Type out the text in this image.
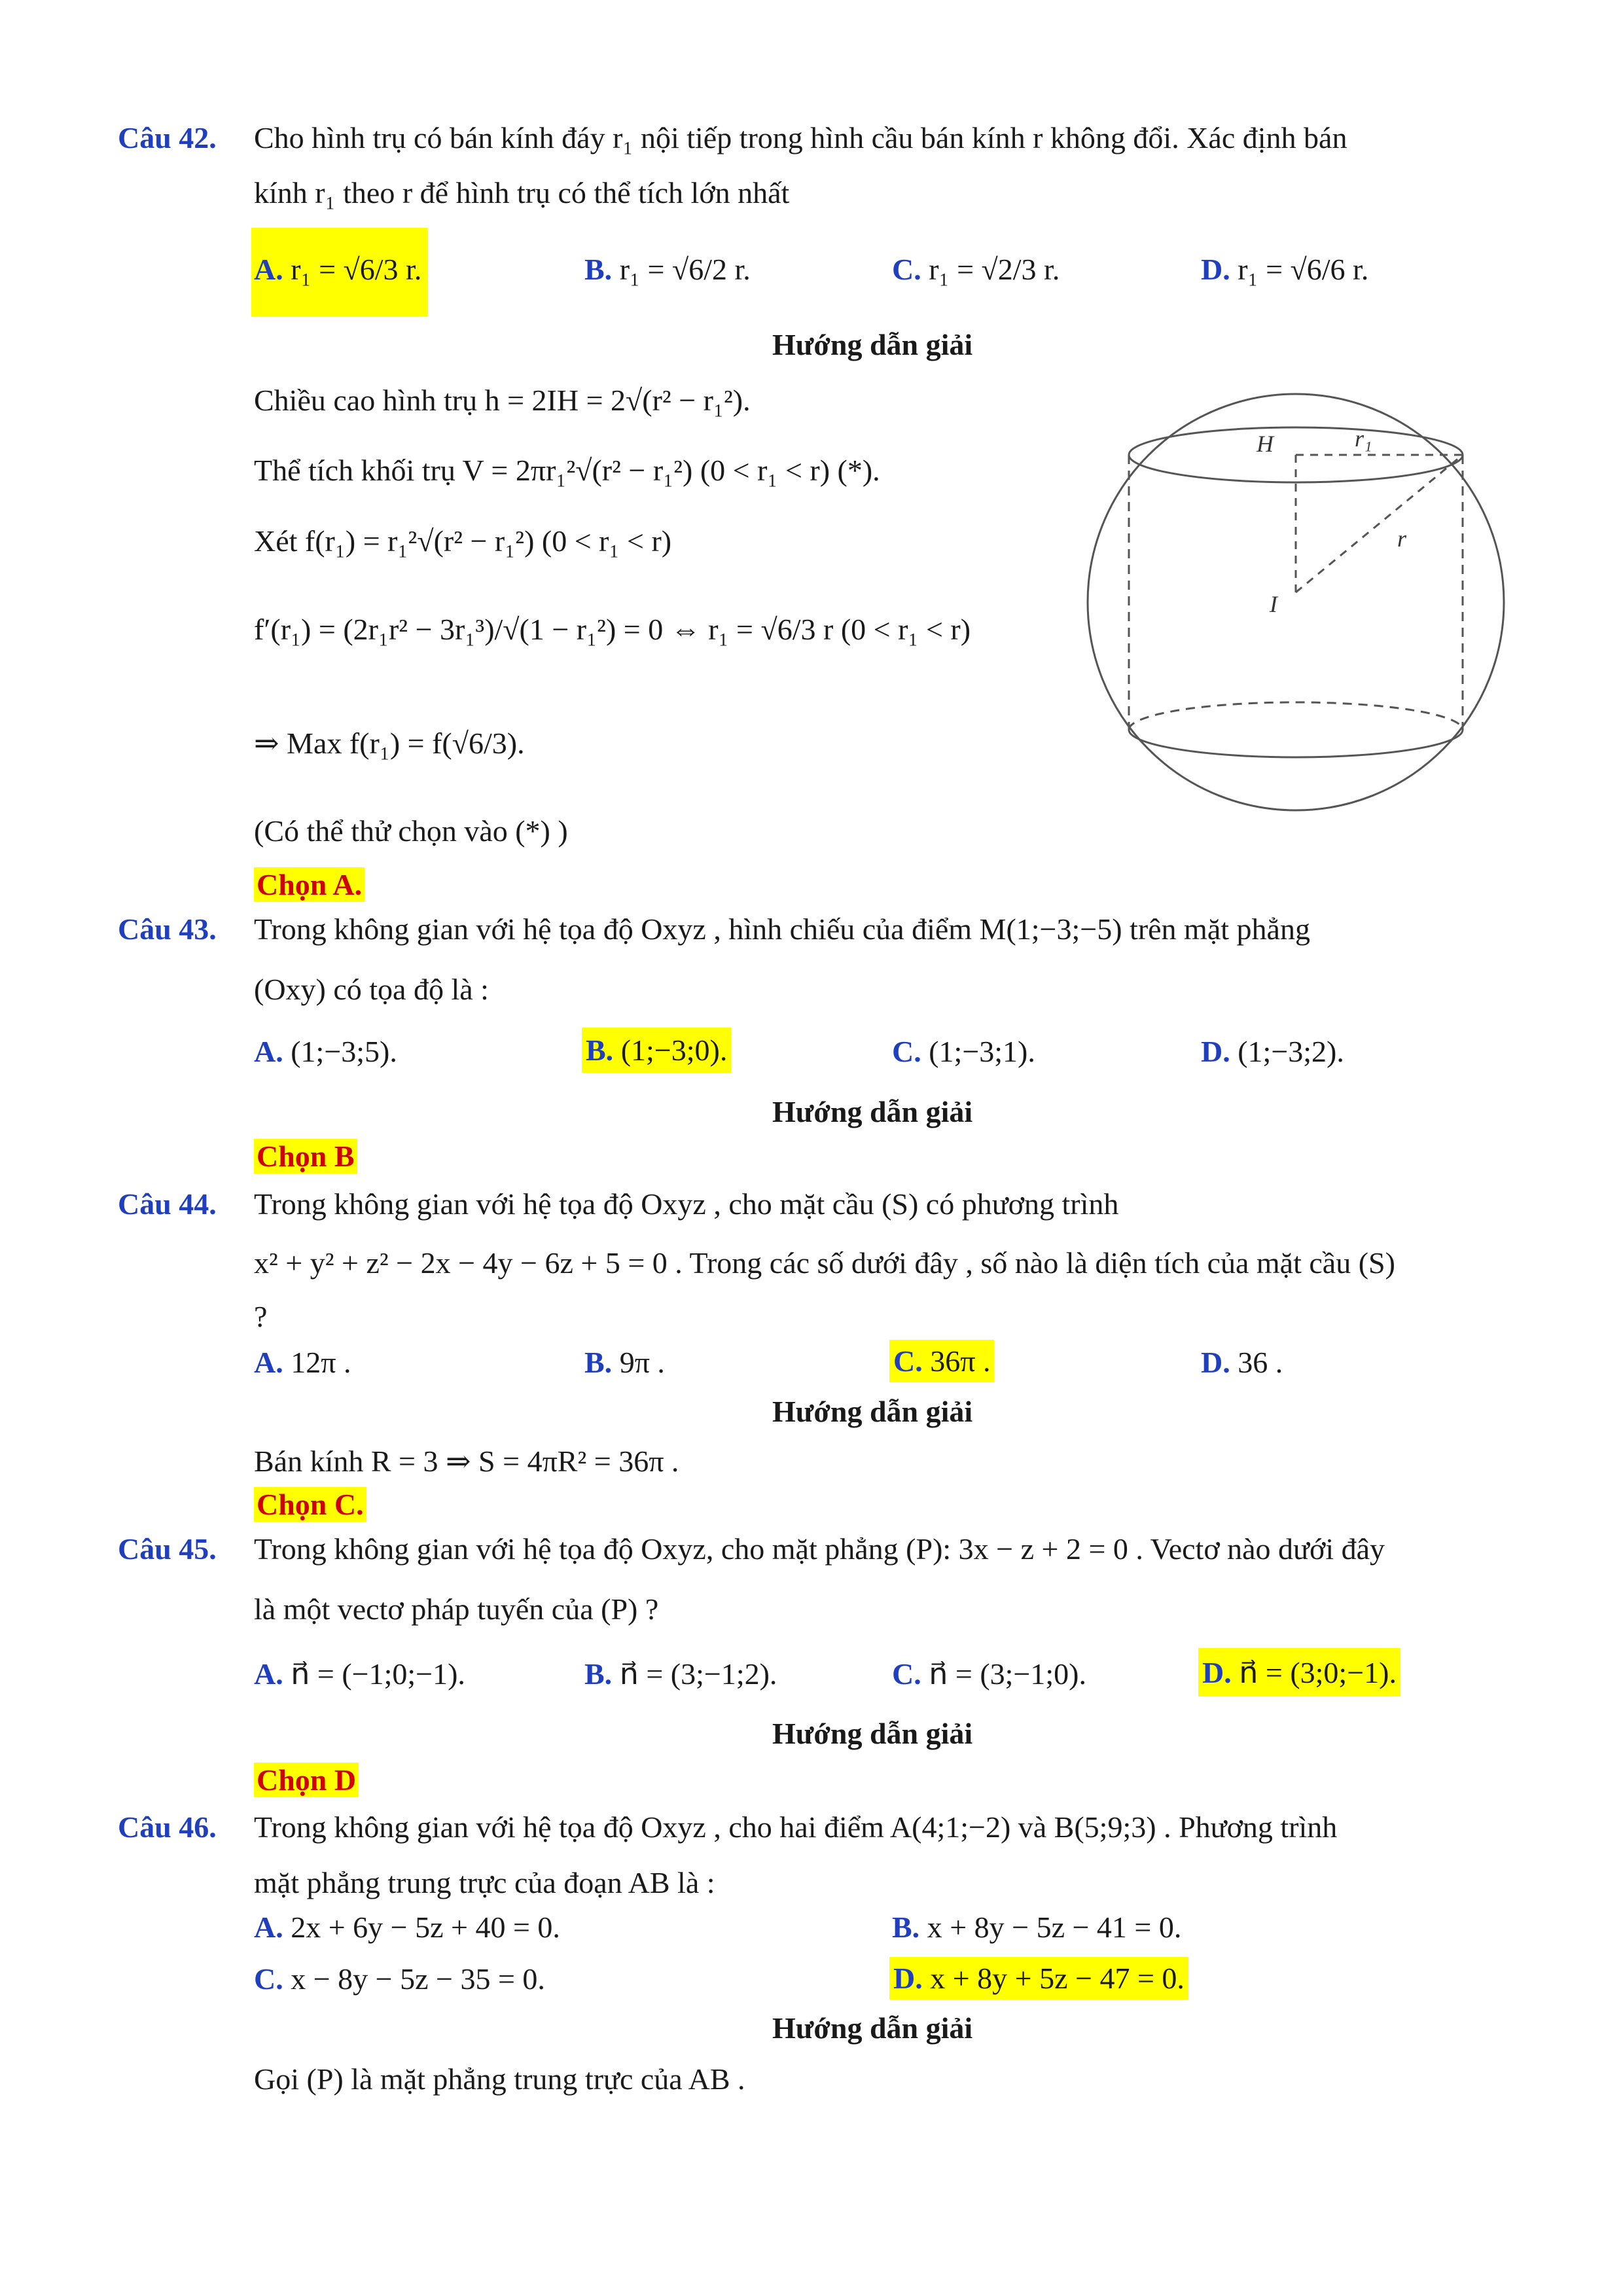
Câu 42. Cho hình trụ có bán kính đáy r₁ nội tiếp trong hình cầu bán kính r không đổi. Xác định bán
kính r₁ theo r để hình trụ có thể tích lớn nhất
A. r₁ = √6/3 r.	B. r₁ = √6/2 r.	C. r₁ = √2/3 r.	D. r₁ = √6/6 r.
Hướng dẫn giải
Chiều cao hình trụ h = 2IH = 2√(r² − r₁²).
Thể tích khối trụ V = 2πr₁²√(r² − r₁²) (0 < r₁ < r) (*).
Xét f(r₁) = r₁²√(r² − r₁²) (0 < r₁ < r)
f′(r₁) = (2r₁r² − 3r₁³)/√(1 − r₁²) = 0 ⇔ r₁ = √6/3 r (0 < r₁ < r)
⇒ Max f(r₁) = f(√6/3).
(Có thể thử chọn vào (*) )
Chọn A.
H	r₁
r
I
Câu 43. Trong không gian với hệ tọa độ Oxyz , hình chiếu của điểm M(1;−3;−5) trên mặt phẳng
(Oxy) có tọa độ là :
A. (1;−3;5).	B. (1;−3;0).	C. (1;−3;1).	D. (1;−3;2).
Hướng dẫn giải
Chọn B
Câu 44. Trong không gian với hệ tọa độ Oxyz , cho mặt cầu (S) có phương trình
x² + y² + z² − 2x − 4y − 6z + 5 = 0 . Trong các số dưới đây , số nào là diện tích của mặt cầu (S)
?
A. 12π .	B. 9π .	C. 36π .	D. 36 .
Hướng dẫn giải
Bán kính R = 3 ⇒ S = 4πR² = 36π .
Chọn C.
Câu 45. Trong không gian với hệ tọa độ Oxyz, cho mặt phẳng (P): 3x − z + 2 = 0 . Vectơ nào dưới đây
là một vectơ pháp tuyến của (P) ?
A. n⃗ = (−1;0;−1).	B. n⃗ = (3;−1;2).	C. n⃗ = (3;−1;0).	D. n⃗ = (3;0;−1).
Hướng dẫn giải
Chọn D
Câu 46. Trong không gian với hệ tọa độ Oxyz , cho hai điểm A(4;1;−2) và B(5;9;3) . Phương trình
mặt phẳng trung trực của đoạn AB là :
A. 2x + 6y − 5z + 40 = 0.	B. x + 8y − 5z − 41 = 0.
C. x − 8y − 5z − 35 = 0.	D. x + 8y + 5z − 47 = 0.
Hướng dẫn giải
Gọi (P) là mặt phẳng trung trực của AB .
